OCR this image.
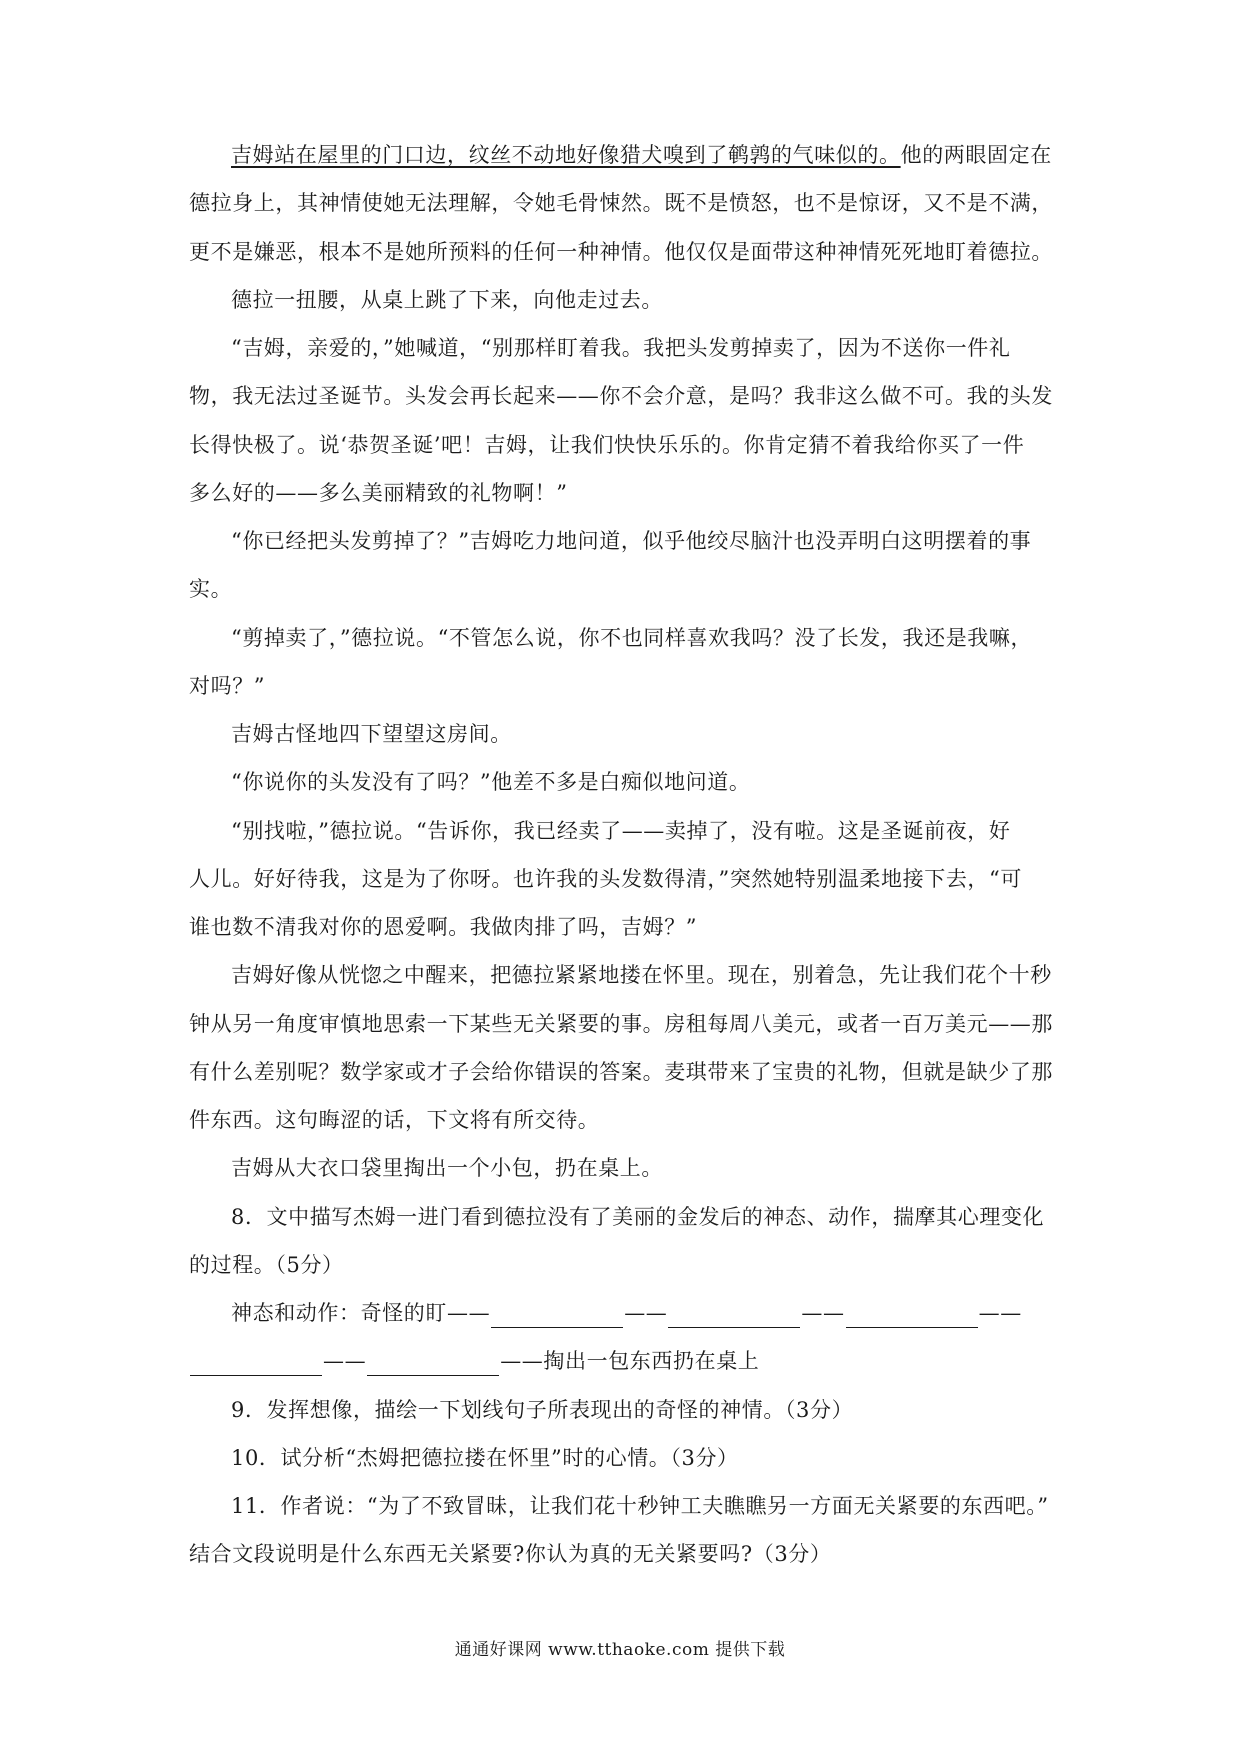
吉姆站在屋里的门口边，纹丝不动地好像猎犬嗅到了鹌鹑的气味似的。他的两眼固定在
德拉身上，其神情使她无法理解，令她毛骨悚然。既不是愤怒，也不是惊讶，又不是不满，
更不是嫌恶，根本不是她所预料的任何一种神情。他仅仅是面带这种神情死死地盯着德拉。
德拉一扭腰，从桌上跳了下来，向他走过去。
“吉姆，亲爱的，”她喊道，“别那样盯着我。我把头发剪掉卖了，因为不送你一件礼
物，我无法过圣诞节。头发会再长起来——你不会介意，是吗？我非这么做不可。我的头发
长得快极了。说‘恭贺圣诞’吧！吉姆，让我们快快乐乐的。你肯定猜不着我给你买了一件
多么好的——多么美丽精致的礼物啊！”
“你已经把头发剪掉了？”吉姆吃力地问道，似乎他绞尽脑汁也没弄明白这明摆着的事
实。
“剪掉卖了，”德拉说。“不管怎么说，你不也同样喜欢我吗？没了长发，我还是我嘛，
对吗？”
吉姆古怪地四下望望这房间。
“你说你的头发没有了吗？”他差不多是白痴似地问道。
“别找啦，”德拉说。“告诉你，我已经卖了——卖掉了，没有啦。这是圣诞前夜，好
人儿。好好待我，这是为了你呀。也许我的头发数得清，”突然她特别温柔地接下去，“可
谁也数不清我对你的恩爱啊。我做肉排了吗，吉姆？”
吉姆好像从恍惚之中醒来，把德拉紧紧地搂在怀里。现在，别着急，先让我们花个十秒
钟从另一角度审慎地思索一下某些无关紧要的事。房租每周八美元，或者一百万美元——那
有什么差别呢？数学家或才子会给你错误的答案。麦琪带来了宝贵的礼物，但就是缺少了那
件东西。这句晦涩的话，下文将有所交待。
吉姆从大衣口袋里掏出一个小包，扔在桌上。
8．文中描写杰姆一进门看到德拉没有了美丽的金发后的神态、动作，揣摩其心理变化
的过程。（5分）
神态和动作：奇怪的盯——	——	——	——
——	——掏出一包东西扔在桌上
9．发挥想像，描绘一下划线句子所表现出的奇怪的神情。（3分）
10．试分析“杰姆把德拉搂在怀里”时的心情。（3分）
11．作者说：“为了不致冒昧，让我们花十秒钟工夫瞧瞧另一方面无关紧要的东西吧。”
结合文段说明是什么东西无关紧要?你认为真的无关紧要吗?（3分）
通通好课网 www.tthaoke.com 提供下载
